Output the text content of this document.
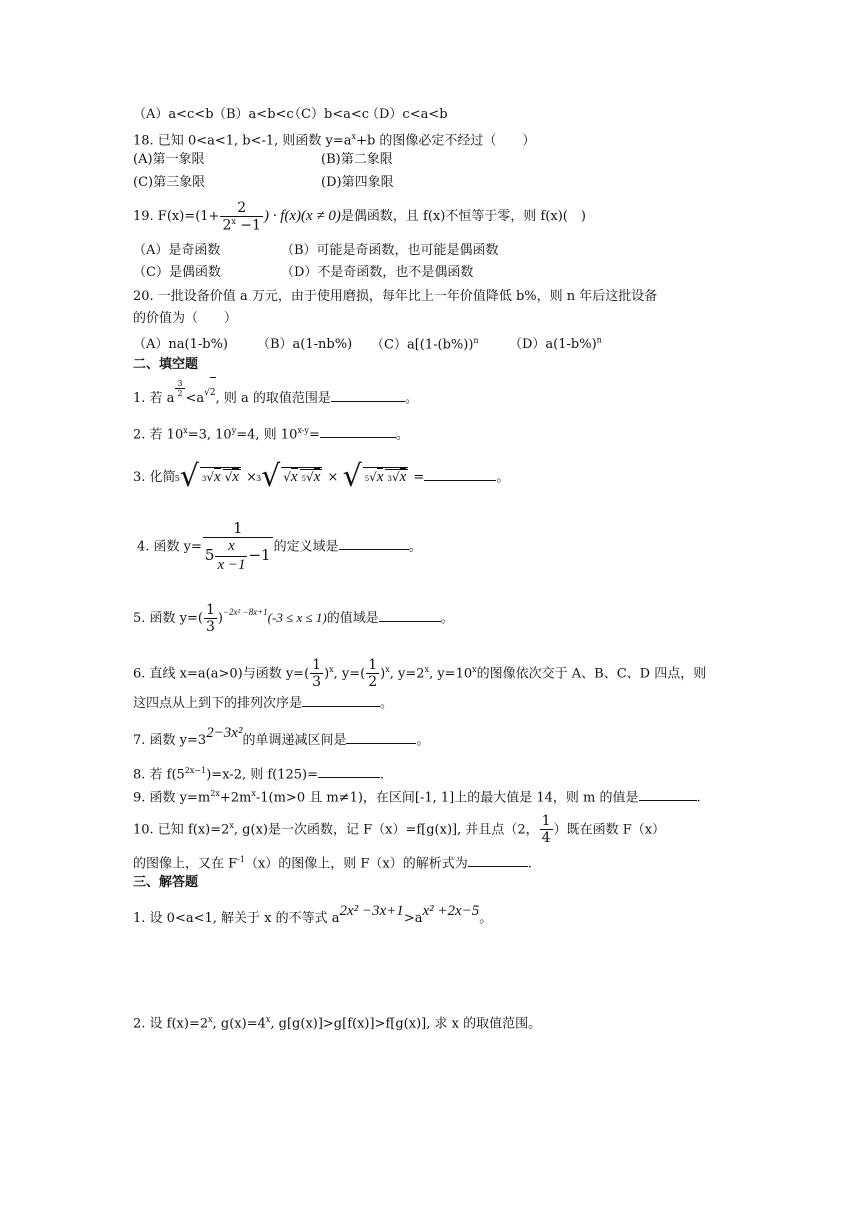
（A）a<c<b（B）a<b<c（C）b<a<c（D）c<a<b
18. 已知 0<a<1, b<-1, 则函数 $y=a^x+b$ 的图像必定不经过（　　）
(A)第一象限	(B)第二象限
(C)第三象限	(D)第四象限
19. $F(x)=(1+ \frac{2}{2^x -1}$ ) · f(x)(x ≠ 0)是偶函数，且 f(x)不恒等于零，则 f(x)(　)
（A）是奇函数	（B）可能是奇函数，也可能是偶函数
（C）是偶函数	（D）不是奇函数，也不是偶函数
20. 一批设备价值 a 万元，由于使用磨损，每年比上一年价值降低 b%，则 n 年后这批设备
的价值为（　　）
（A）na(1-b%) （B）a(1-nb%) $(C)a[(1-(b\%))^n$ $(D)a(1-b\%)^n$
二、填空题
1. 若 a
$\frac{3}{2}$
$<a^{√2}$, 则 a 的取值范围是	。
2. 若 $10^x=3$, $10^y=4$, 则 $10^{x-y}=$	。
3. 化简 5 √ 3√x √x × 3 √ √x 5√x × √ 5√x 3√x =	。
4. 函数 $y= \frac{1}{5 \frac{x}{x -1} -1}$ 的定义域是	。
5. 函数 $y=( \frac{1}{3} )^{-2x^2 -8x+1}(-3 \le x \le 1)$的值域是	。
6. 直线 x=a(a>0)与函数 $y=( \frac{1}{3} )^x$, $y=( \frac{1}{2} )^x$, $y=2^x$, $y=10^x$的图像依次交于 A、B、C、D 四点，则
这四点从上到下的排列次序是	。
7. 函数 y=32−3x²的单调递减区间是	。
8. 若 $f(5^{2x-1})=x-2$, 则 f(125)=	.
9. 函数 $y=m^{2x}+2m^x-1(m>0$ 且 m≠1)，在区间[-1, 1]上的最大值是 14，则 m 的值是	.
10. 已知 $f(x)=2^x$, g(x)是一次函数，记 F（x）=f[g(x)], 并且点（2， $\frac{1}{4}$ ）既在函数 F（x）
的图像上，又在 $F^{-1}(x)$的图像上，则 F（x）的解析式为	.
三、解答题
1. 设 0<a<1, 解关于 x 的不等式 a2x² −3x+1>ax² +2x−5。
2. 设 $f(x)=2^x$, $g(x)=4^x$, g[g(x)]>g[f(x)]>f[g(x)], 求 x 的取值范围。
